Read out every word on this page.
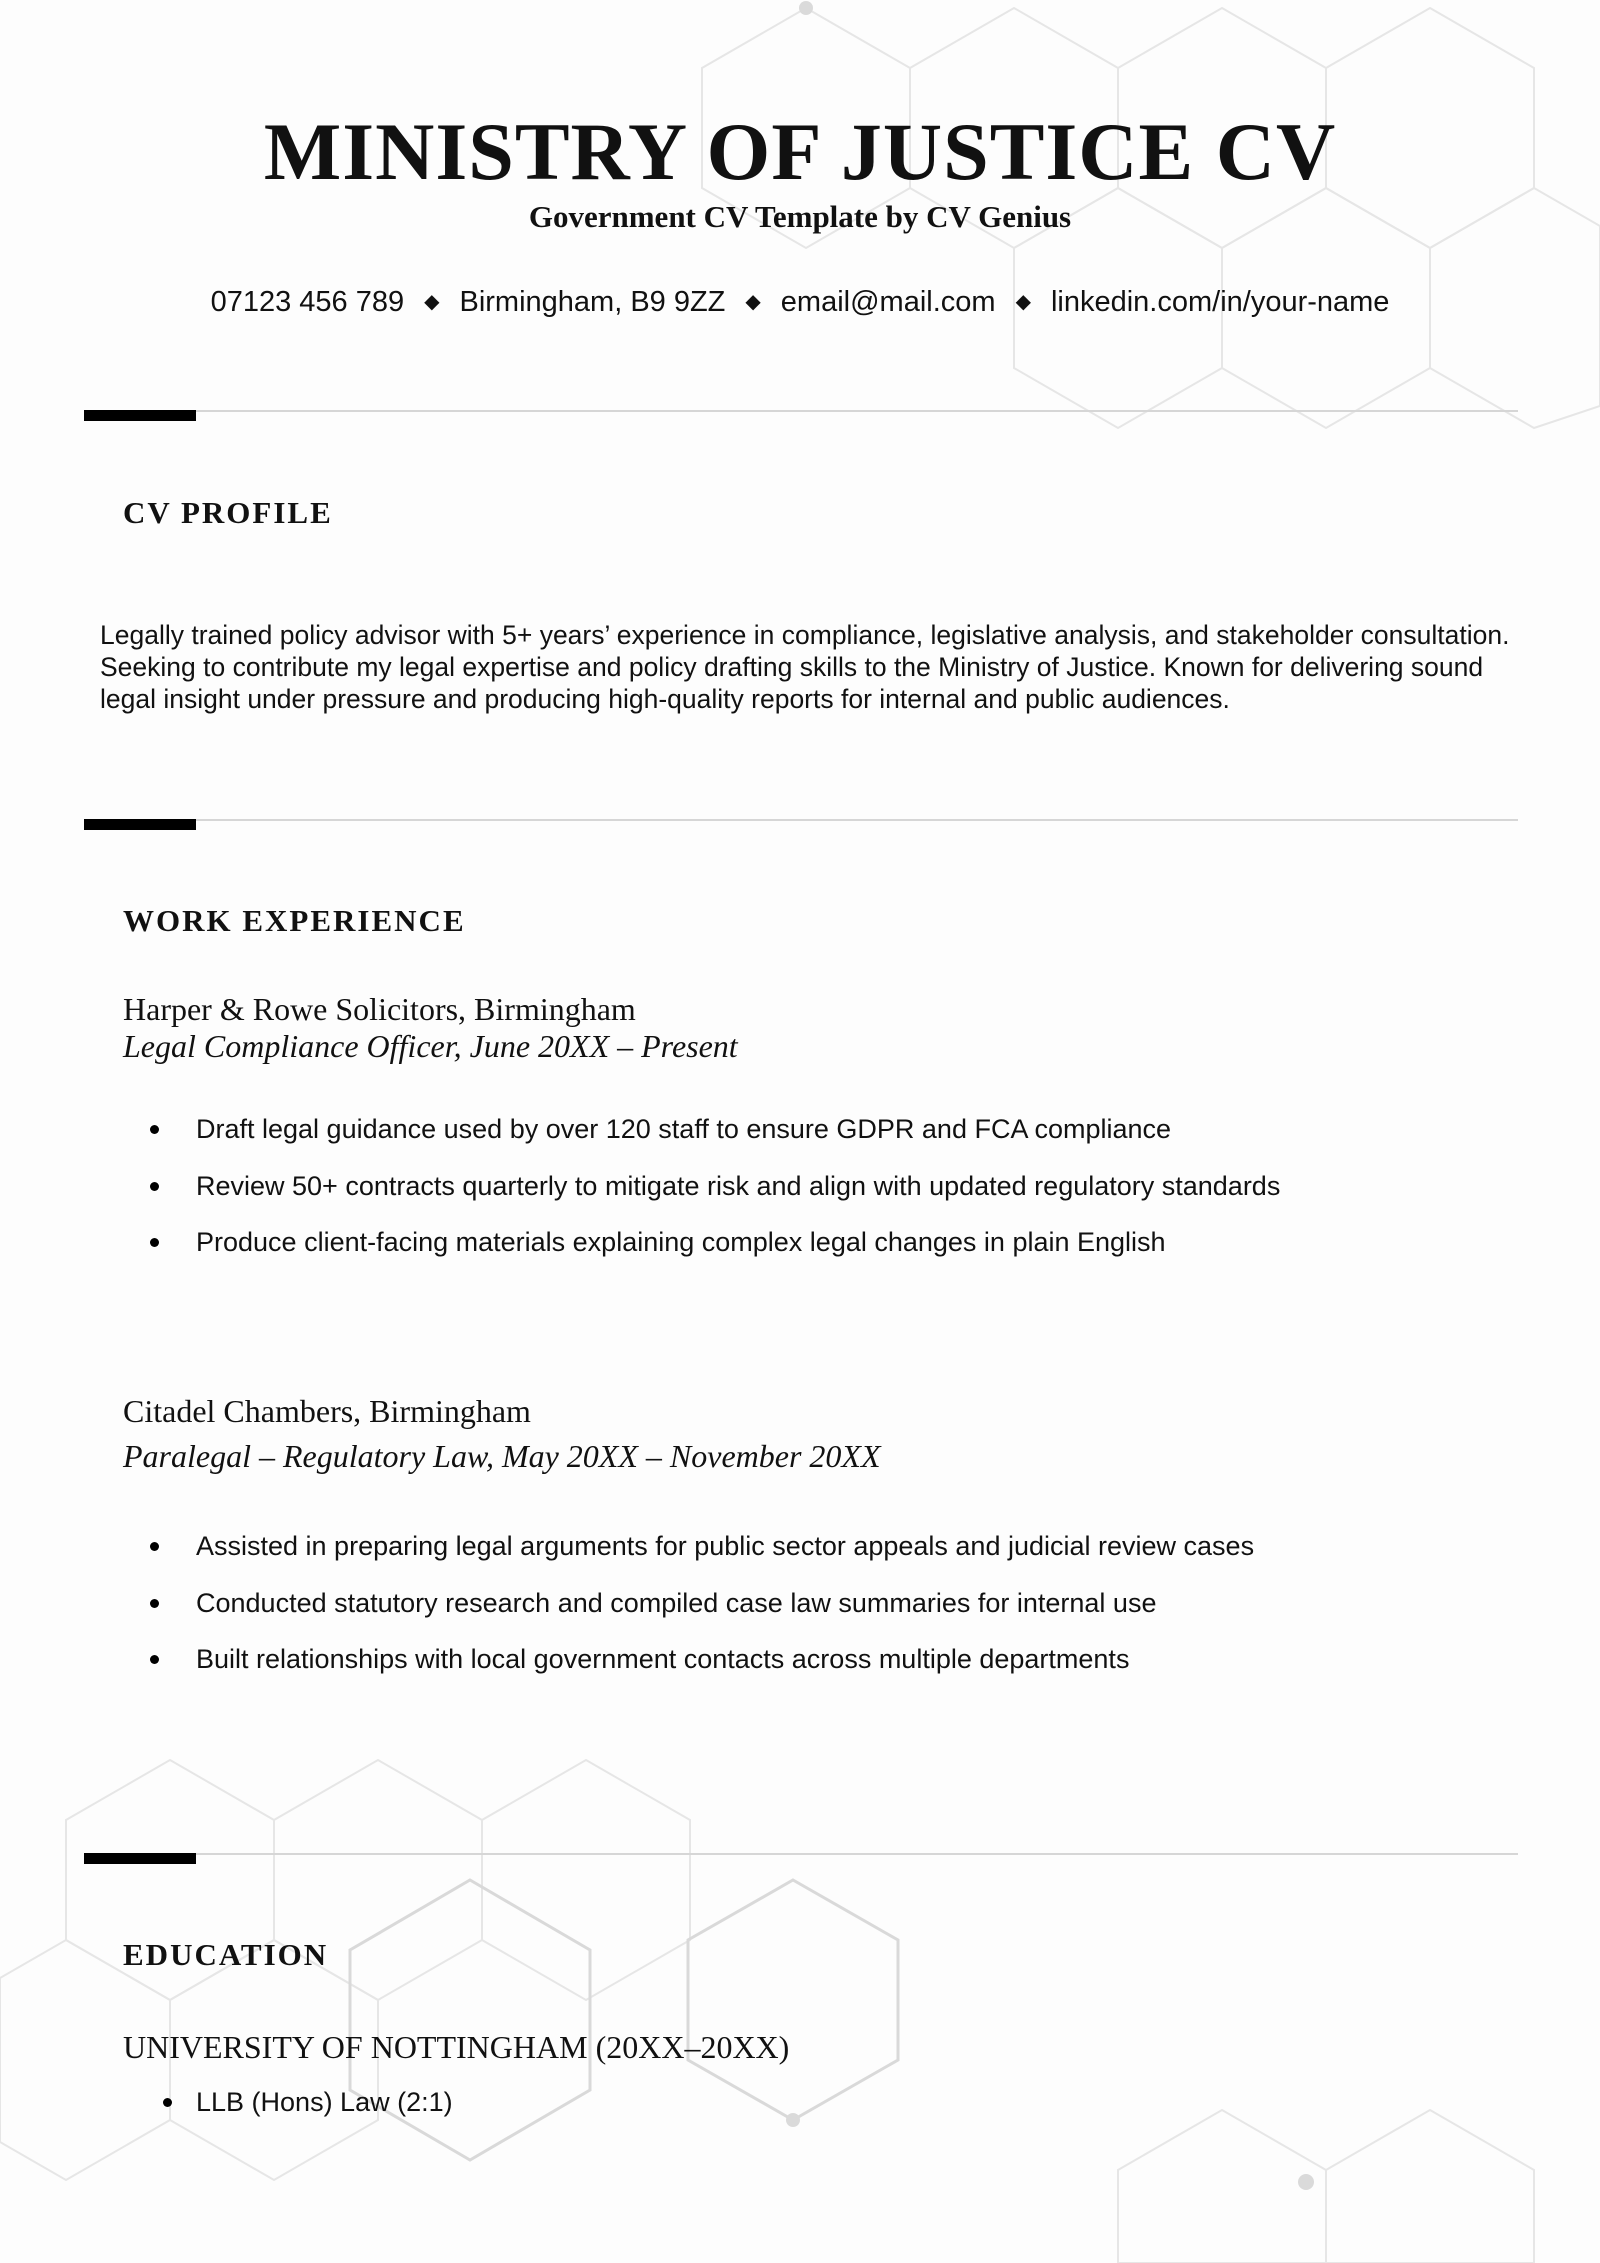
MINISTRY OF JUSTICE CV
Government CV Template by CV Genius
07123 456 789 ◆ Birmingham, B9 9ZZ ◆ email@mail.com ◆ linkedin.com/in/your-name
CV PROFILE

Legally trained policy advisor with 5+ years’ experience in compliance, legislative analysis, and stakeholder consultation. Seeking to contribute my legal expertise and policy drafting skills to the Ministry of Justice. Known for delivering sound legal insight under pressure and producing high-quality reports for internal and public audiences.

WORK EXPERIENCE
Harper & Rowe Solicitors, Birmingham
Legal Compliance Officer, June 20XX – Present
Draft legal guidance used by over 120 staff to ensure GDPR and FCA compliance
Review 50+ contracts quarterly to mitigate risk and align with updated regulatory standards
Produce client-facing materials explaining complex legal changes in plain English
Citadel Chambers, Birmingham
Paralegal – Regulatory Law, May 20XX – November 20XX
Assisted in preparing legal arguments for public sector appeals and judicial review cases
Conducted statutory research and compiled case law summaries for internal use
Built relationships with local government contacts across multiple departments
EDUCATION
UNIVERSITY OF NOTTINGHAM (20XX–20XX)
LLB (Hons) Law (2:1)
